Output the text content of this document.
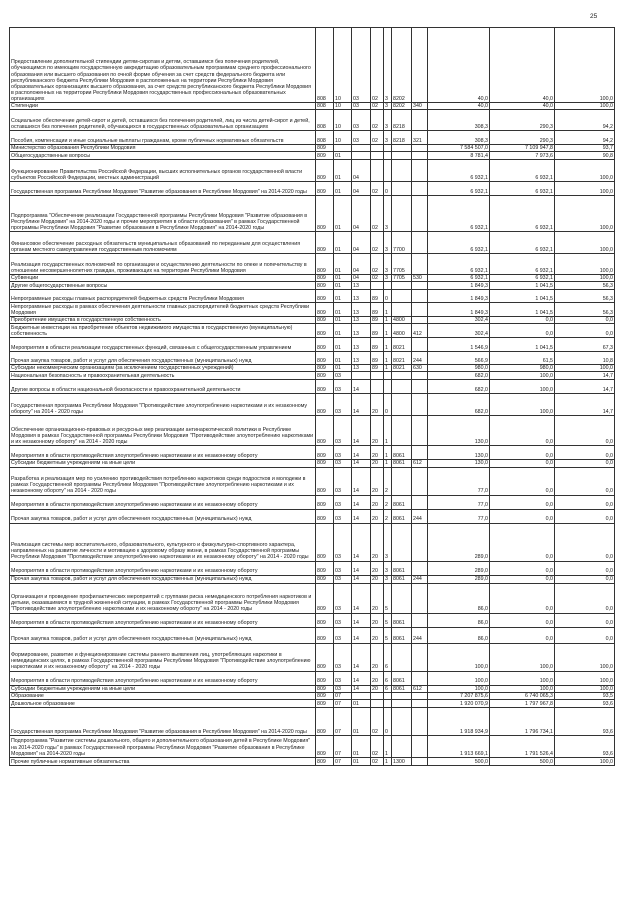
25
Предоставление дополнительной стипендии детям-сиротам и детям, оставшимся без попечения родителей, обучающимся по имеющим государственную аккредитацию образовательным программам среднего профессионального образования или высшего образования по очной форме обучения за счет средств федерального бюджета или республиканского бюджета Республики Мордовия в расположенных на территории Республики Мордовия образовательных организациях высшего образования, за счет средств республиканского бюджета Республики Мордовия в расположенных на территории Республики Мордовия государственных профессиональных образовательных организациях	808	10	03	02	3	8202		40,0	40,0	100,0
Стипендии	808	10	03	02	3	8202	340	40,0	40,0	100,0
Социальное обеспечение детей-сирот и детей, оставшихся без попечения родителей, лиц из числа детей-сирот и детей, оставшихся без попечения родителей, обучающихся в государственных образовательных организациях	808	10	03	02	3	8218		308,3	290,3	94,2
Пособия, компенсации и иные социальные выплаты гражданам, кроме публичных нормативных обязательств	808	10	03	02	3	8218	321	308,3	290,3	94,2
Министерство образования Республики Мордовия	809							7 584 507,0	7 109 947,8	93,7
Общегосударственные вопросы	809	01						8 781,4	7 973,6	90,8
Функционирование Правительства Российской Федерации, высших исполнительных органов государственной власти субъектов Российской Федерации, местных администраций	809	01	04					6 932,1	6 932,1	100,0
Государственная программа Республики Мордовия "Развитие образования в Республике Мордовия" на 2014-2020 годы	809	01	04	02	0			6 932,1	6 932,1	100,0
Подпрограмма "Обеспечение реализации Государственной программы Республики Мордовия "Развитие образования в Республике Мордовия" на 2014-2020 годы и прочие мероприятия в области образования" в рамках Государственной программы Республики Мордовия "Развитие образования в Республике Мордовия" на 2014-2020 годы	809	01	04	02	3			6 932,1	6 932,1	100,0
Финансовое обеспечение расходных обязательств муниципальных образований по переданным для осуществления органам местного самоуправления государственным полномочиям	809	01	04	02	3	7700		6 932,1	6 932,1	100,0
Реализация государственных полномочий по организации и осуществлению деятельности по опеке и попечительству в отношении несовершеннолетних граждан, проживающих на территории Республики Мордовия	809	01	04	02	3	7705		6 932,1	6 932,1	100,0
Субвенции	809	01	04	02	3	7705	530	6 932,1	6 932,1	100,0
Другие общегосударственные вопросы	809	01	13					1 849,3	1 041,5	56,3
Непрограммные расходы главных распорядителей бюджетных средств Республики Мордовия	809	01	13	89	0			1 849,3	1 041,5	56,3
Непрограммные расходы в рамках обеспечения деятельности главных распорядителей бюджетных средств Республики Мордовия	809	01	13	89	1			1 849,3	1 041,5	56,3
Приобретение имущества в государственную собственность	809	01	13	89	1	4800		302,4	0,0	0,0
Бюджетные инвестиции на приобретение объектов недвижимого имущества в государственную (муниципальную) собственность	809	01	13	89	1	4800	412	302,4	0,0	0,0
Мероприятия в области реализации государственных функций, связанных с общегосударственным управлением	809	01	13	89	1	8021		1 546,9	1 041,5	67,3
Прочая закупка товаров, работ и услуг для обеспечения государственных (муниципальных) нужд	809	01	13	89	1	8021	244	566,9	61,5	10,8
Субсидии некоммерческим организациям (за исключением государственных учреждений)	809	01	13	89	1	8021	630	980,0	980,0	100,0
Национальная безопасность и правоохранительная деятельность	809	03						682,0	100,0	14,7
Другие вопросы в области национальной безопасности и правоохранительной деятельности	809	03	14					682,0	100,0	14,7
Государственная программа Республики Мордовия "Противодействие злоупотреблению наркотиками и их незаконному обороту" на 2014 - 2020 годы	809	03	14	20	0			682,0	100,0	14,7
Обеспечение организационно-правовых и ресурсных мер реализации антинаркотической политики в Республике Мордовия в рамках Государственной программы Республики Мордовия "Противодействие злоупотреблению наркотиками и их незаконному обороту" на 2014 - 2020 годы	809	03	14	20	1			130,0	0,0	0,0
Мероприятия в области противодействия злоупотреблению наркотиками и их незаконному обороту	809	03	14	20	1	8061		130,0	0,0	0,0
Субсидии бюджетным учреждениям на иные цели	809	03	14	20	1	8061	612	130,0	0,0	0,0
Разработка и реализация мер по усилению противодействия потреблению наркотиков среди подростков и молодежи в рамках Государственной программы Республики Мордовия "Противодействие злоупотреблению наркотиками и их незаконному обороту" на 2014 - 2020 годы	809	03	14	20	2			77,0	0,0	0,0
Мероприятия в области противодействия злоупотреблению наркотиками и их незаконному обороту	809	03	14	20	2	8061		77,0	0,0	0,0
Прочая закупка товаров, работ и услуг для обеспечения государственных (муниципальных) нужд	809	03	14	20	2	8061	244	77,0	0,0	0,0
Реализация системы мер воспитательного, образовательного, культурного и физкультурно-спортивного характера, направленных на развитие личности и мотивацию к здоровому образу жизни, в рамках Государственной программы Республики Мордовия "Противодействие злоупотреблению наркотиками и их незаконному обороту" на 2014 - 2020 годы	809	03	14	20	3			289,0	0,0	0,0
Мероприятия в области противодействия злоупотреблению наркотиками и их незаконному обороту	809	03	14	20	3	8061		289,0	0,0	0,0
Прочая закупка товаров, работ и услуг для обеспечения государственных (муниципальных) нужд	809	03	14	20	3	8061	244	289,0	0,0	0,0
Организация и проведение профилактических мероприятий с группами риска немедицинского потребления наркотиков и детьми, оказавшимися в трудной жизненной ситуации, в рамках Государственной программы Республики Мордовия "Противодействие злоупотреблению наркотиками и их незаконному обороту" на 2014 - 2020 годы	809	03	14	20	5			86,0	0,0	0,0
Мероприятия в области противодействия злоупотреблению наркотиками и их незаконному обороту	809	03	14	20	5	8061		86,0	0,0	0,0
Прочая закупка товаров, работ и услуг для обеспечения государственных (муниципальных) нужд	809	03	14	20	5	8061	244	86,0	0,0	0,0
Формирование, развитие и функционирование системы раннего выявления лиц, употребляющих наркотики в немедицинских целях, в рамках Государственной программы Республики Мордовия "Противодействие злоупотреблению наркотиками и их незаконному обороту" на 2014 - 2020 годы	809	03	14	20	6			100,0	100,0	100,0
Мероприятия в области противодействия злоупотреблению наркотиками и их незаконному обороту	809	03	14	20	6	8061		100,0	100,0	100,0
Субсидии бюджетным учреждениям на иные цели	809	03	14	20	6	8061	612	100,0	100,0	100,0
Образование	809	07						7 207 875,6	6 740 065,3	93,5
Дошкольное образование	809	07	01					1 920 070,9	1 797 967,8	93,6
Государственная программа Республики Мордовия "Развитие образования в Республике Мордовия" на 2014-2020 годы	809	07	01	02	0			1 918 934,9	1 796 734,1	93,6
Подпрограмма "Развитие системы дошкольного, общего и дополнительного образования детей в Республике Мордовия" на 2014-2020 годы" в рамках Государственной программы Республики Мордовия "Развитие образования в Республике Мордовия" на 2014-2020 годы	809	07	01	02	1			1 913 669,1	1 791 526,4	93,6
Прочие публичные нормативные обязательства	809	07	01	02	1	1300		500,0	500,0	100,0
